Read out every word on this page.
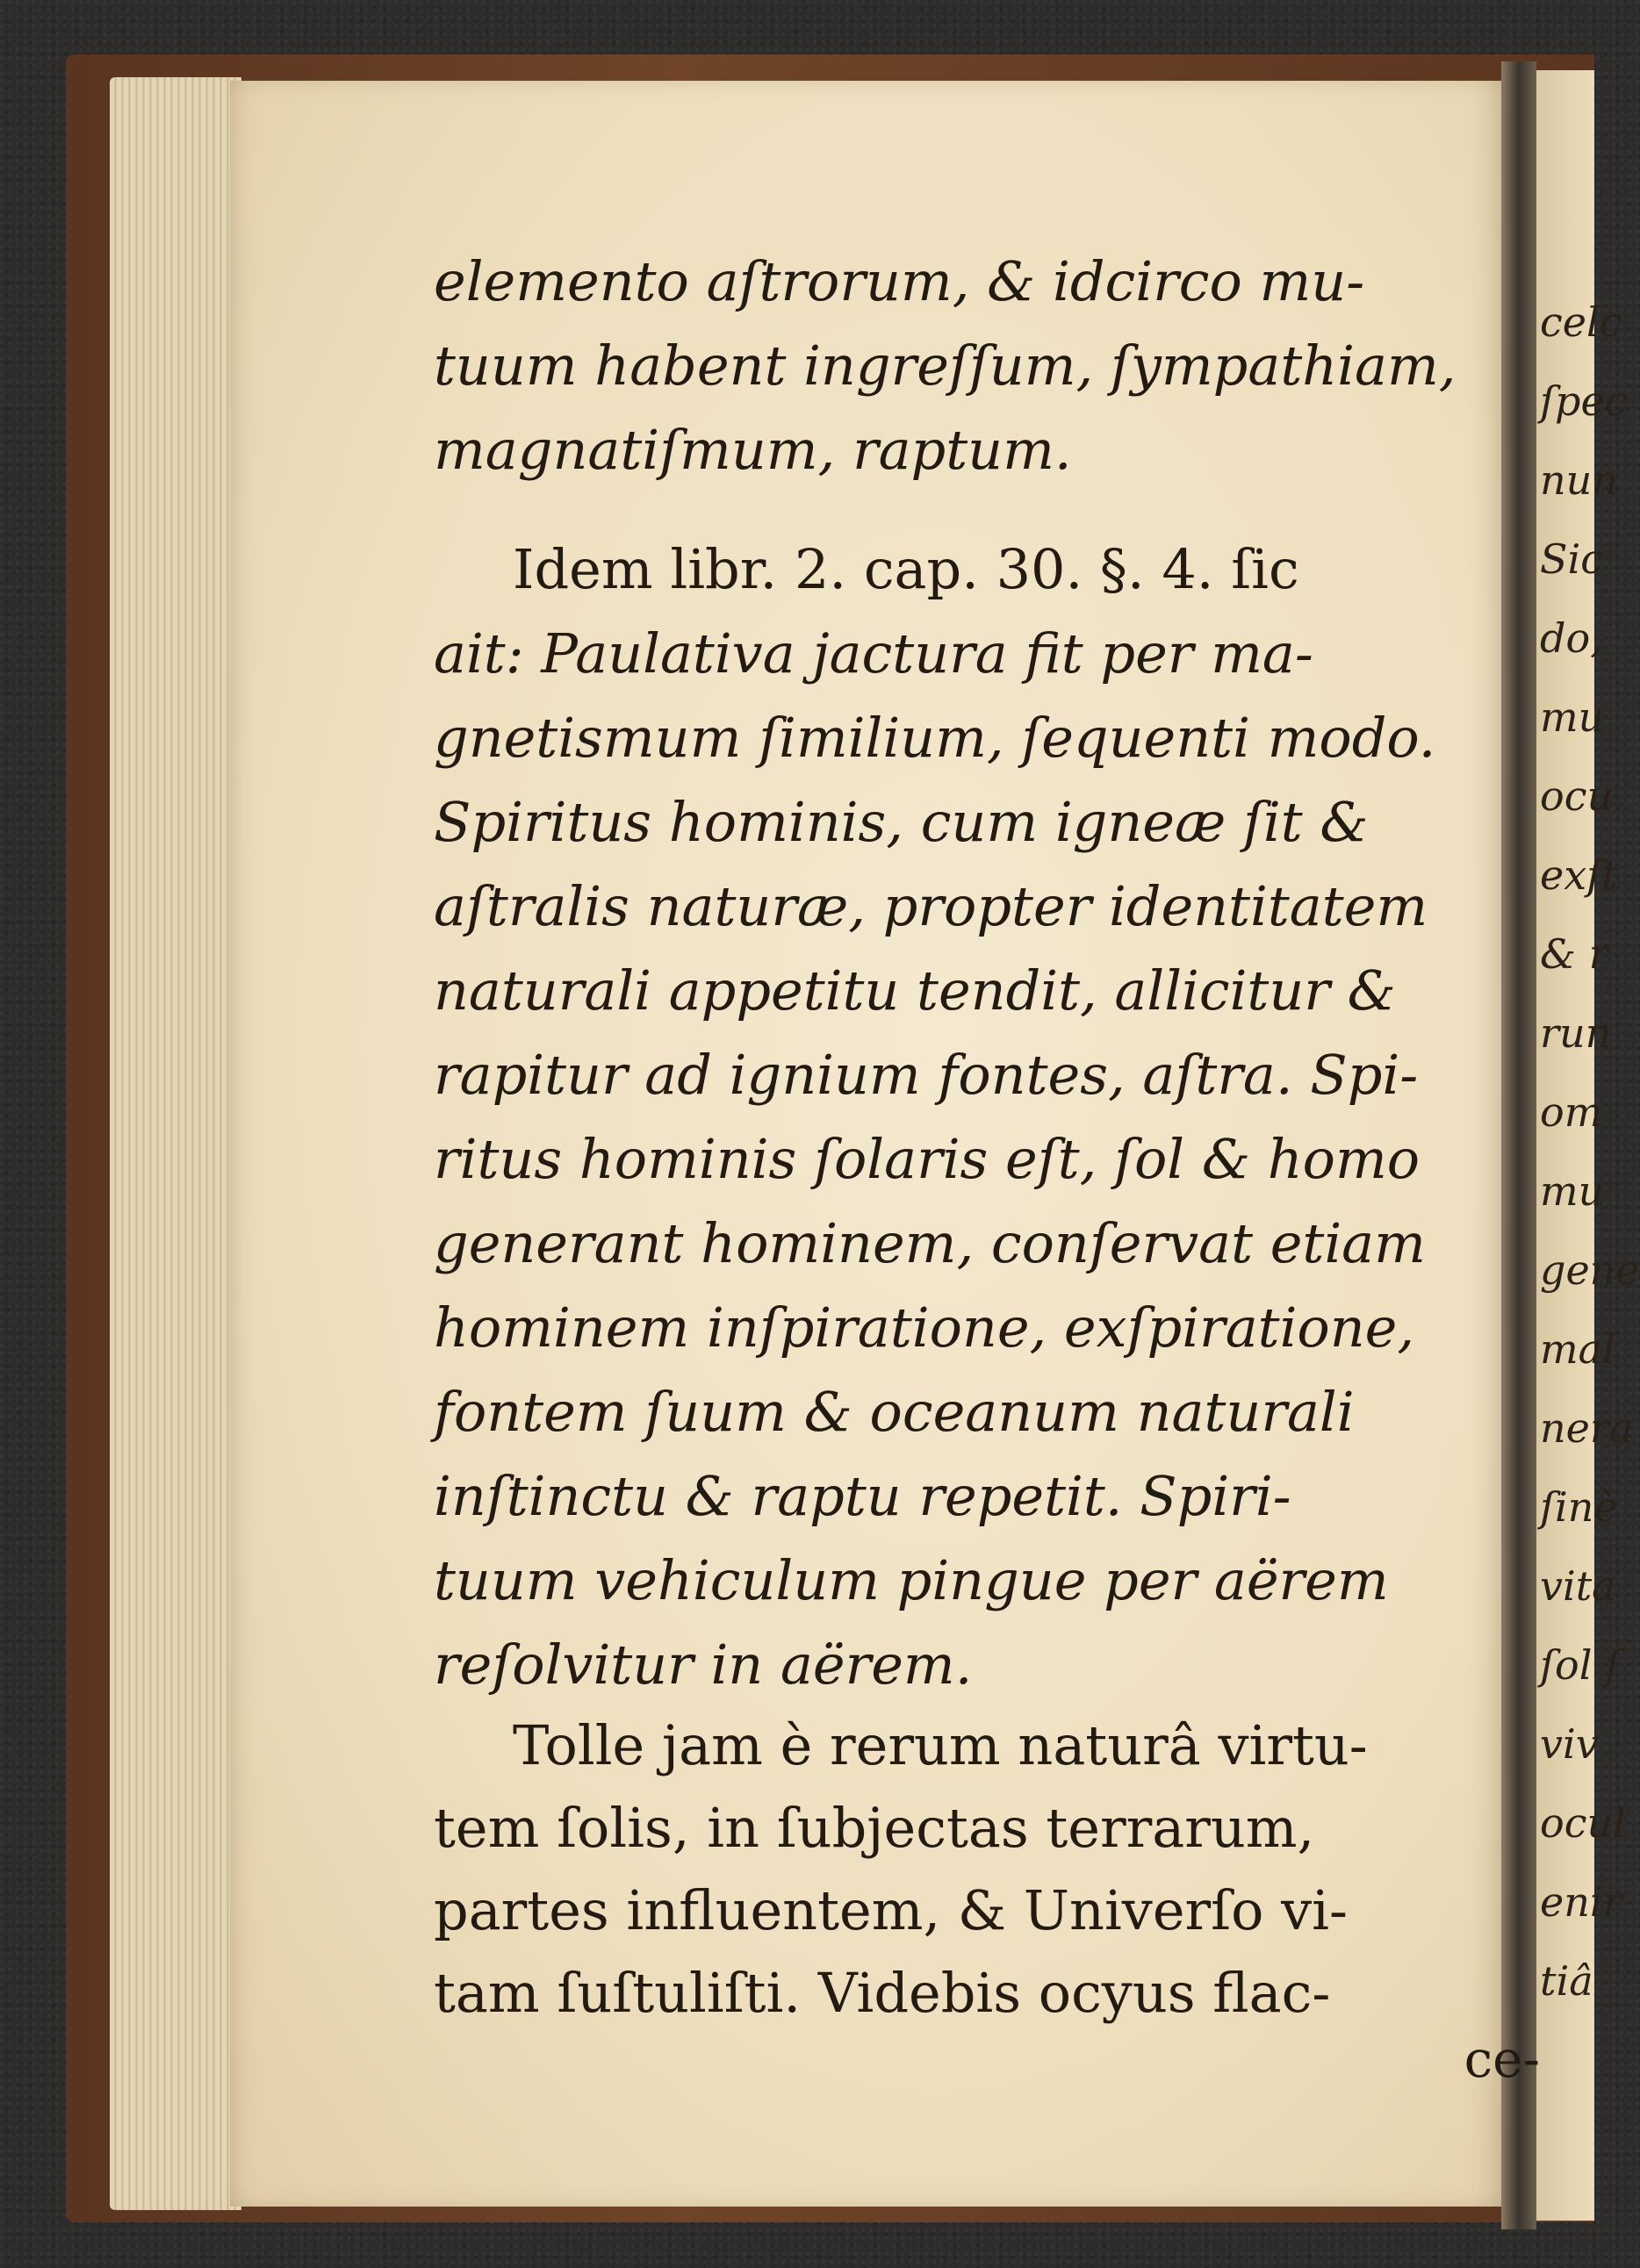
celc
ſpec
nun
Sic
do,
mu
ocu
exſt
& r
run
om
mu
gene
mal
nera
ſinè
vita
ſol ſ
viv
ocul
enir
tiâ
elemento aſtrorum, & idcirco mu-
tuum habent ingreſſum, ſympathiam,
magnatiſmum, raptum.
Idem libr. 2. cap. 30. §. 4. ſic
ait: Paulativa jactura fit per ma-
gnetismum ſimilium, ſequenti modo.
Spiritus hominis, cum igneæ ſit &
aſtralis naturæ, propter identitatem
naturali appetitu tendit, allicitur &
rapitur ad ignium fontes, aſtra. Spi-
ritus hominis ſolaris eſt, ſol & homo
generant hominem, conſervat etiam
hominem inſpiratione, exſpiratione,
fontem ſuum & oceanum naturali
inſtinctu & raptu repetit. Spiri-
tuum vehiculum pingue per aërem
reſolvitur in aërem.
Tolle jam è rerum naturâ virtu-
tem ſolis, in ſubjectas terrarum,
partes influentem, & Univerſo vi-
tam ſuſtuliſti. Videbis ocyus flac-
ce-
